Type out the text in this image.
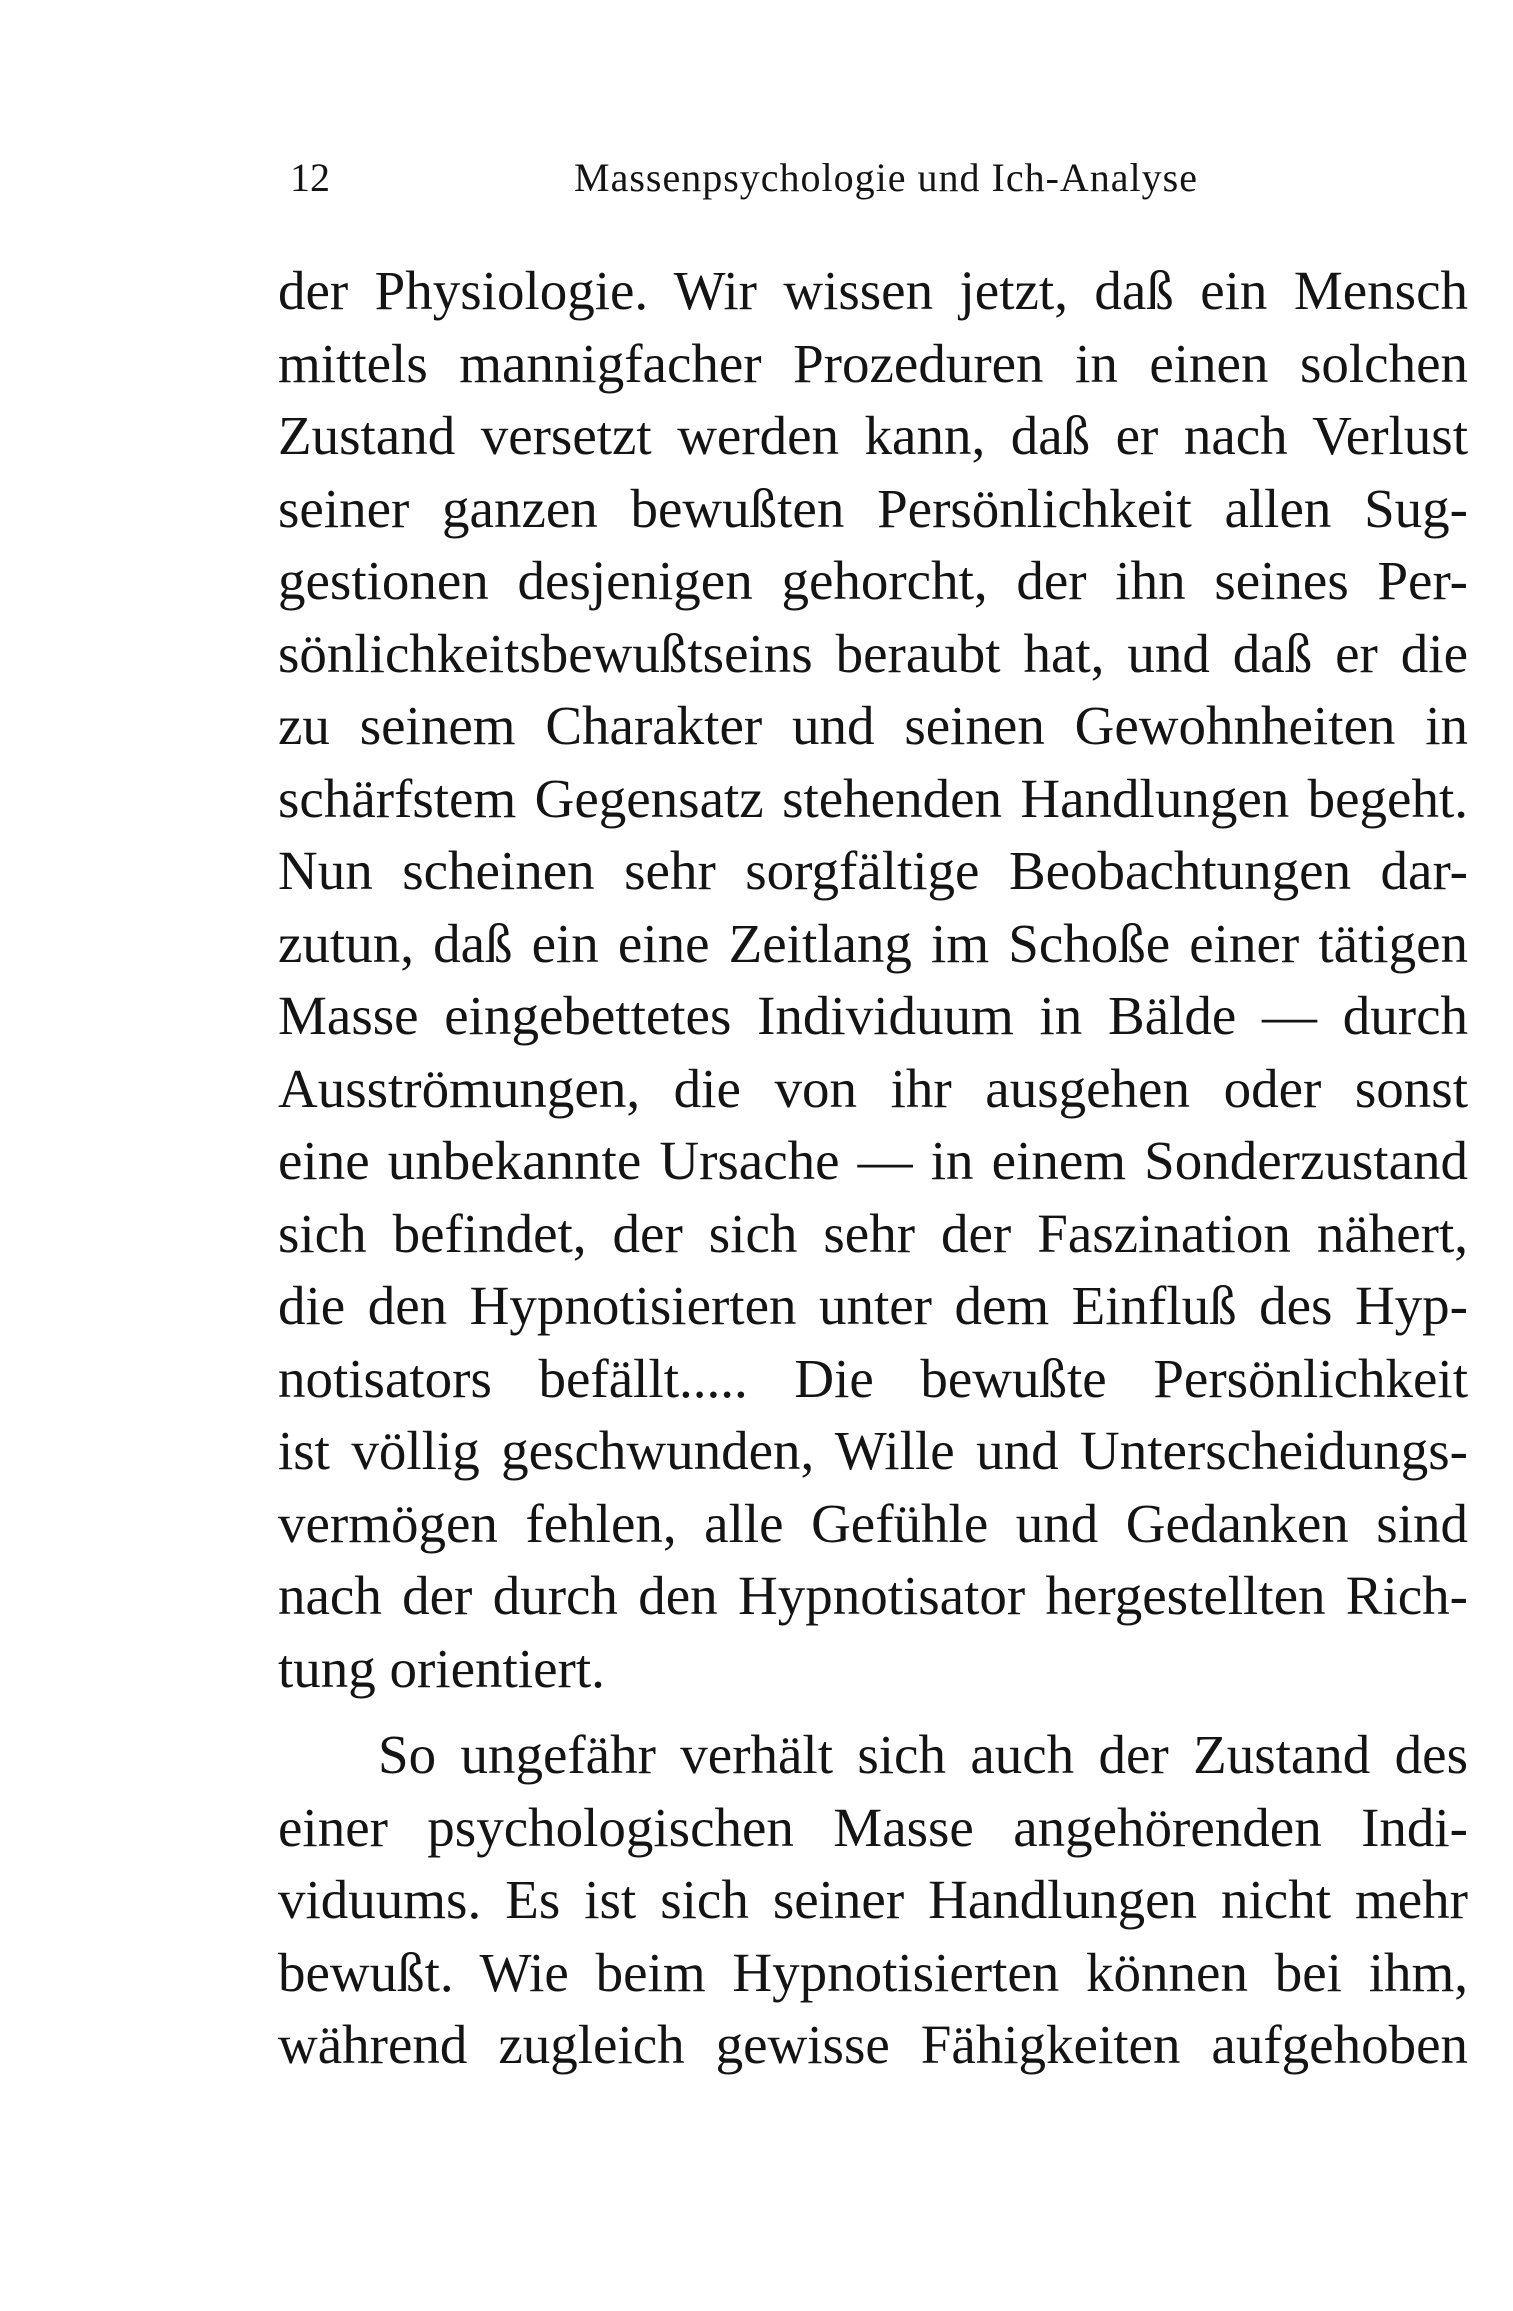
12	Massenpsychologie und Ich-Analyse
der Physiologie. Wir wissen jetzt, daß ein Mensch
mittels mannigfacher Prozeduren in einen solchen
Zustand versetzt werden kann, daß er nach Verlust
seiner ganzen bewußten Persönlichkeit allen Sug-
gestionen desjenigen gehorcht, der ihn seines Per-
sönlichkeitsbewußtseins beraubt hat, und daß er die
zu seinem Charakter und seinen Gewohnheiten in
schärfstem Gegensatz stehenden Handlungen begeht.
Nun scheinen sehr sorgfältige Beobachtungen dar-
zutun, daß ein eine Zeitlang im Schoße einer tätigen
Masse eingebettetes Individuum in Bälde — durch
Ausströmungen, die von ihr ausgehen oder sonst
eine unbekannte Ursache — in einem Sonderzustand
sich befindet, der sich sehr der Faszination nähert,
die den Hypnotisierten unter dem Einfluß des Hyp-
notisators befällt..... Die bewußte Persönlichkeit
ist völlig geschwunden, Wille und Unterscheidungs-
vermögen fehlen, alle Gefühle und Gedanken sind
nach der durch den Hypnotisator hergestellten Rich-
tung orientiert.
So ungefähr verhält sich auch der Zustand des
einer psychologischen Masse angehörenden Indi-
viduums. Es ist sich seiner Handlungen nicht mehr
bewußt. Wie beim Hypnotisierten können bei ihm,
während zugleich gewisse Fähigkeiten aufgehoben
